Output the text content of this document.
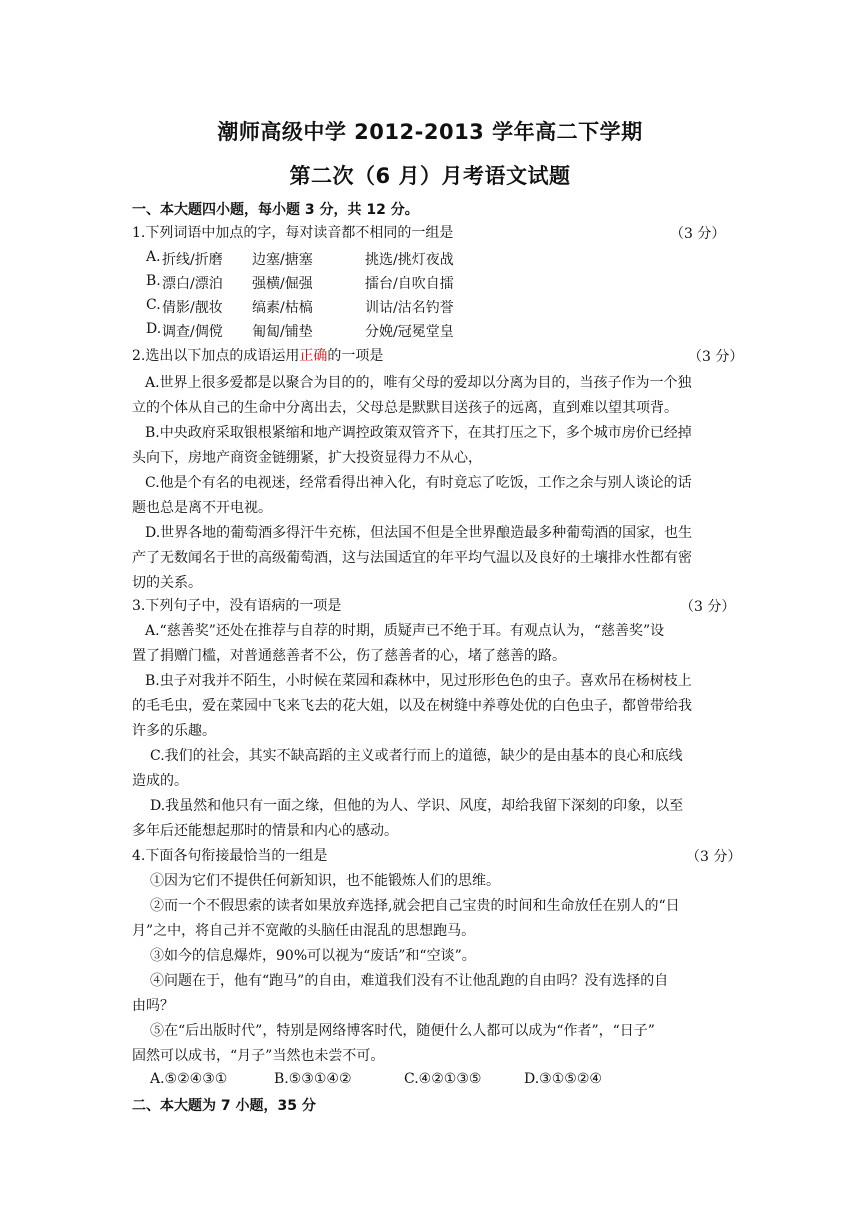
潮师高级中学 2012-2013 学年高二下学期
第二次（6 月）月考语文试题
一、本大题四小题，每小题 3 分，共 12 分。
1.下列词语中加点的字，每对读音都不相同的一组是	（3 分）
A. 折线/折磨 边塞/搪塞	挑选/挑灯夜战
B. 漂白/漂泊 强横/倔强	擂台/自吹自擂
C. 倩影/靓妆 缟素/枯槁	训诂/沽名钓誉
D. 调查/倜傥 匍匐/铺垫	分娩/冠冕堂皇
2.选出以下加点的成语运用正确的一项是	（3 分）
A.世界上很多爱都是以聚合为目的的，唯有父母的爱却以分离为目的，当孩子作为一个独
立的个体从自己的生命中分离出去，父母总是默默目送孩子的远离，直到难以望其项背。
B.中央政府采取银根紧缩和地产调控政策双管齐下，在其打压之下，多个城市房价已经掉
头向下，房地产商资金链绷紧，扩大投资显得力不从心，
C.他是个有名的电视迷，经常看得出神入化，有时竟忘了吃饭，工作之余与别人谈论的话
题也总是离不开电视。
D.世界各地的葡萄酒多得汗牛充栋，但法国不但是全世界酿造最多种葡萄酒的国家，也生
产了无数闻名于世的高级葡萄酒，这与法国适宜的年平均气温以及良好的土壤排水性都有密
切的关系。
3.下列句子中，没有语病的一项是	（3 分）
A.“慈善奖”还处在推荐与自荐的时期，质疑声已不绝于耳。有观点认为，“慈善奖”设
置了捐赠门槛，对普通慈善者不公，伤了慈善者的心，堵了慈善的路。
B.虫子对我并不陌生，小时候在菜园和森林中，见过形形色色的虫子。喜欢吊在杨树枝上
的毛毛虫，爱在菜园中飞来飞去的花大姐，以及在树缝中养尊处优的白色虫子，都曾带给我
许多的乐趣。
C.我们的社会，其实不缺高蹈的主义或者行而上的道德，缺少的是由基本的良心和底线
造成的。
D.我虽然和他只有一面之缘，但他的为人、学识、风度，却给我留下深刻的印象，以至
多年后还能想起那时的情景和内心的感动。
4.下面各句衔接最恰当的一组是	（3 分）
①因为它们不提供任何新知识，也不能锻炼人们的思维。
②而一个不假思索的读者如果放弃选择,就会把自己宝贵的时间和生命放任在别人的“日
月”之中，将自己并不宽敞的头脑任由混乱的思想跑马。
③如今的信息爆炸，90%可以视为“废话”和“空谈”。
④问题在于，他有“跑马”的自由，难道我们没有不让他乱跑的自由吗？没有选择的自
由吗？
⑤在“后出版时代”，特别是网络博客时代，随便什么人都可以成为“作者”，“日子”
固然可以成书，“月子”当然也未尝不可。
A.⑤②④③①	B.⑤③①④②	C.④②①③⑤	D.③①⑤②④
二、本大题为 7 小题，35 分
